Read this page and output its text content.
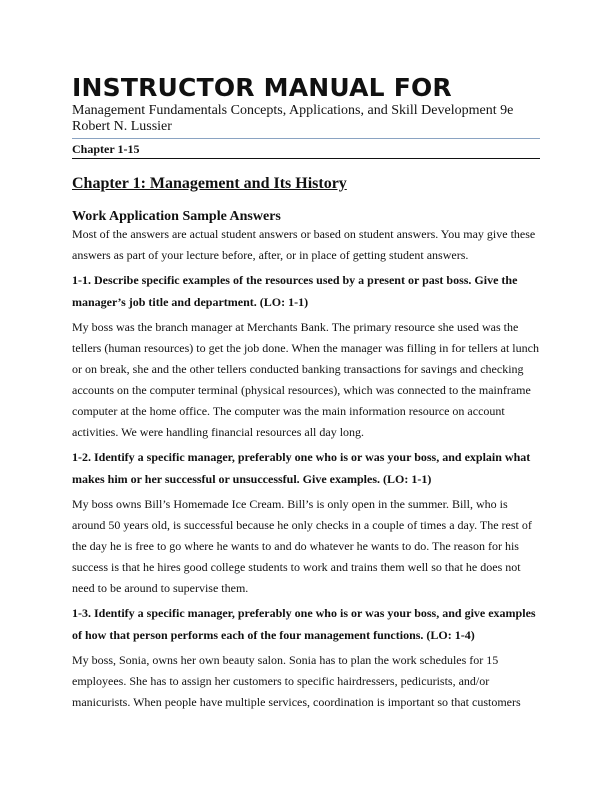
INSTRUCTOR MANUAL FOR
Management Fundamentals Concepts, Applications, and Skill Development 9e
Robert N. Lussier
Chapter 1-15
Chapter 1: Management and Its History
Work Application Sample Answers

Most of the answers are actual student answers or based on student answers. You may give these answers as part of your lecture before, after, or in place of getting student answers.

1-1. Describe specific examples of the resources used by a present or past boss. Give the manager’s job title and department. (LO: 1-1)

My boss was the branch manager at Merchants Bank. The primary resource she used was the tellers (human resources) to get the job done. When the manager was filling in for tellers at lunch or on break, she and the other tellers conducted banking transactions for savings and checking accounts on the computer terminal (physical resources), which was connected to the mainframe computer at the home office. The computer was the main information resource on account activities. We were handling financial resources all day long.

1-2. Identify a specific manager, preferably one who is or was your boss, and explain what makes him or her successful or unsuccessful. Give examples. (LO: 1-1)

My boss owns Bill’s Homemade Ice Cream. Bill’s is only open in the summer. Bill, who is around 50 years old, is successful because he only checks in a couple of times a day. The rest of the day he is free to go where he wants to and do whatever he wants to do. The reason for his success is that he hires good college students to work and trains them well so that he does not need to be around to supervise them.

1-3. Identify a specific manager, preferably one who is or was your boss, and give examples of how that person performs each of the four management functions. (LO: 1-4)

My boss, Sonia, owns her own beauty salon. Sonia has to plan the work schedules for 15 employees. She has to assign her customers to specific hairdressers, pedicurists, and/or manicurists. When people have multiple services, coordination is important so that customers
